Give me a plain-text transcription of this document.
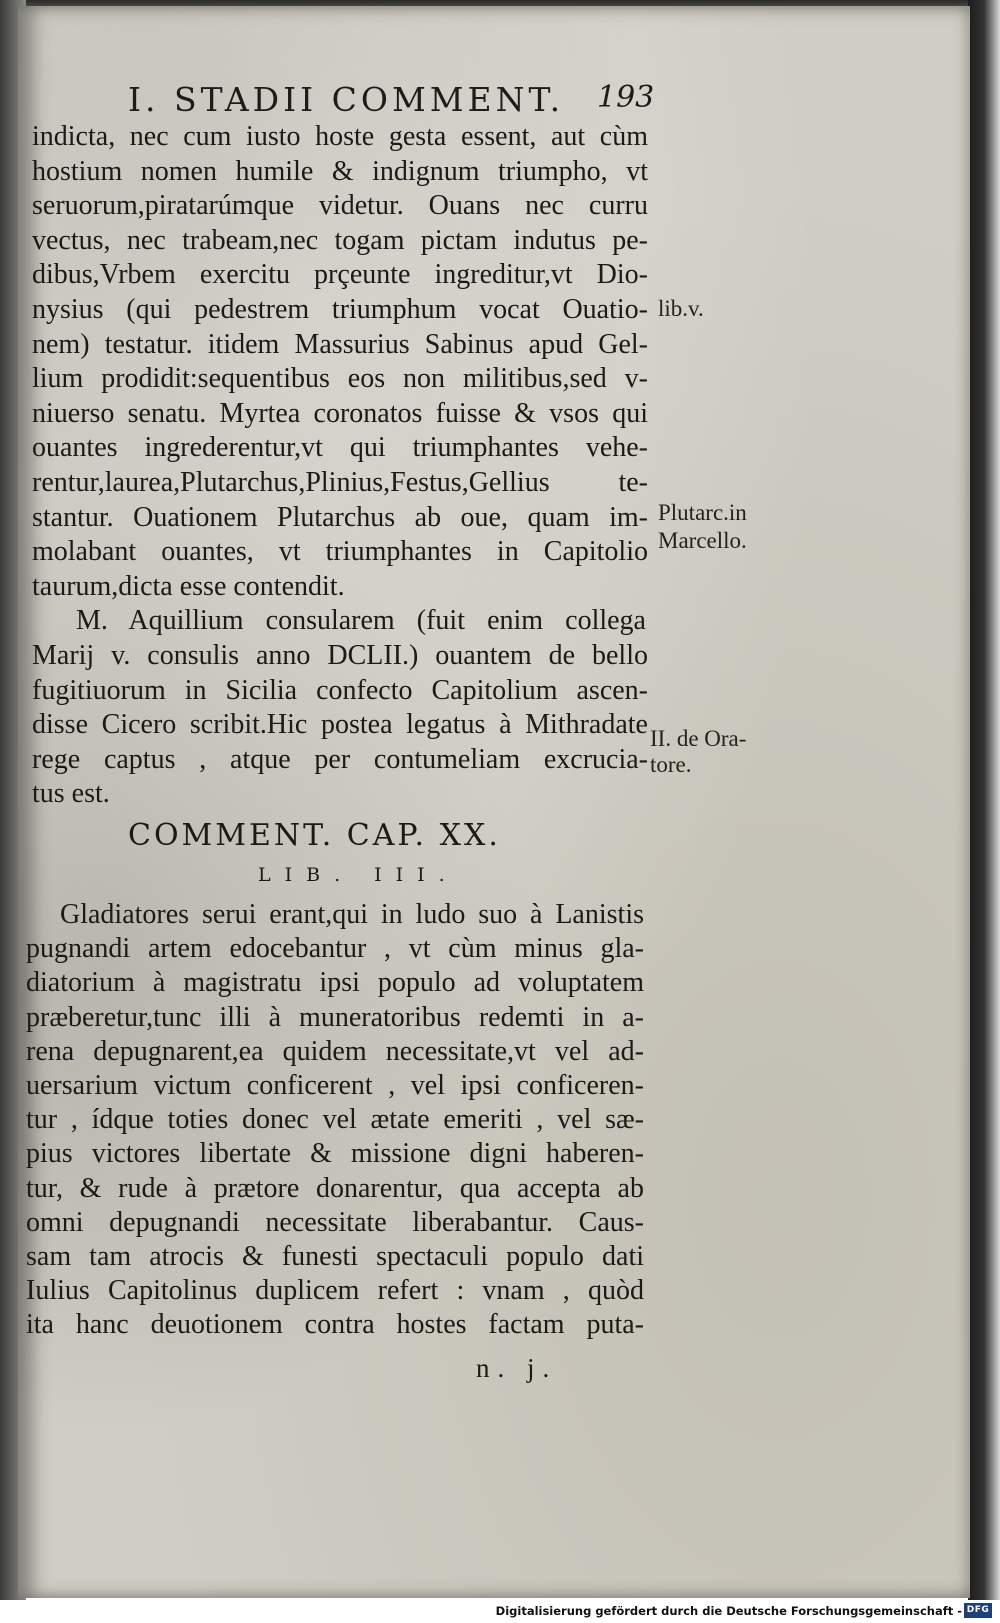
I. STADII COMMENT. 193
indicta, nec cum iusto hoste gesta essent, aut cùm
hostium nomen humile & indignum triumpho, vt
seruorum,piratarúmque videtur. Ouans nec curru
vectus, nec trabeam,nec togam pictam indutus pe-
dibus,Vrbem exercitu prçeunte ingreditur,vt Dio-
nysius (qui pedestrem triumphum vocat Ouatio-
nem) testatur. itidem Massurius Sabinus apud Gel-
lium prodidit:sequentibus eos non militibus,sed v-
niuerso senatu. Myrtea coronatos fuisse & vsos qui
ouantes ingrederentur,vt qui triumphantes vehe-
rentur,laurea,Plutarchus,Plinius,Festus,Gellius te-
stantur. Ouationem Plutarchus ab oue, quam im-
molabant ouantes, vt triumphantes in Capitolio
taurum,dicta esse contendit.
M. Aquillium consularem (fuit enim collega
Marij v. consulis anno DCLII.) ouantem de bello
fugitiuorum in Sicilia confecto Capitolium ascen-
disse Cicero scribit.Hic postea legatus à Mithradate
rege captus , atque per contumeliam excrucia-
tus est.
COMMENT. CAP. XX.
LIB. III.
Gladiatores serui erant,qui in ludo suo à Lanistis
pugnandi artem edocebantur , vt cùm minus gla-
diatorium à magistratu ipsi populo ad voluptatem
præberetur,tunc illi à muneratoribus redemti in a-
rena depugnarent,ea quidem necessitate,vt vel ad-
uersarium victum conficerent , vel ipsi conficeren-
tur , ídque toties donec vel ætate emeriti , vel sæ-
pius victores libertate & missione digni haberen-
tur, & rude à prætore donarentur, qua accepta ab
omni depugnandi necessitate liberabantur. Caus-
sam tam atrocis & funesti spectaculi populo dati
Iulius Capitolinus duplicem refert : vnam , quòd
ita hanc deuotionem contra hostes factam puta-
n. j.
lib.v.
Plutarc.in
Marcello.
II. de Ora-
tore.
Digitalisierung gefördert durch die Deutsche Forschungsgemeinschaft - DFG
